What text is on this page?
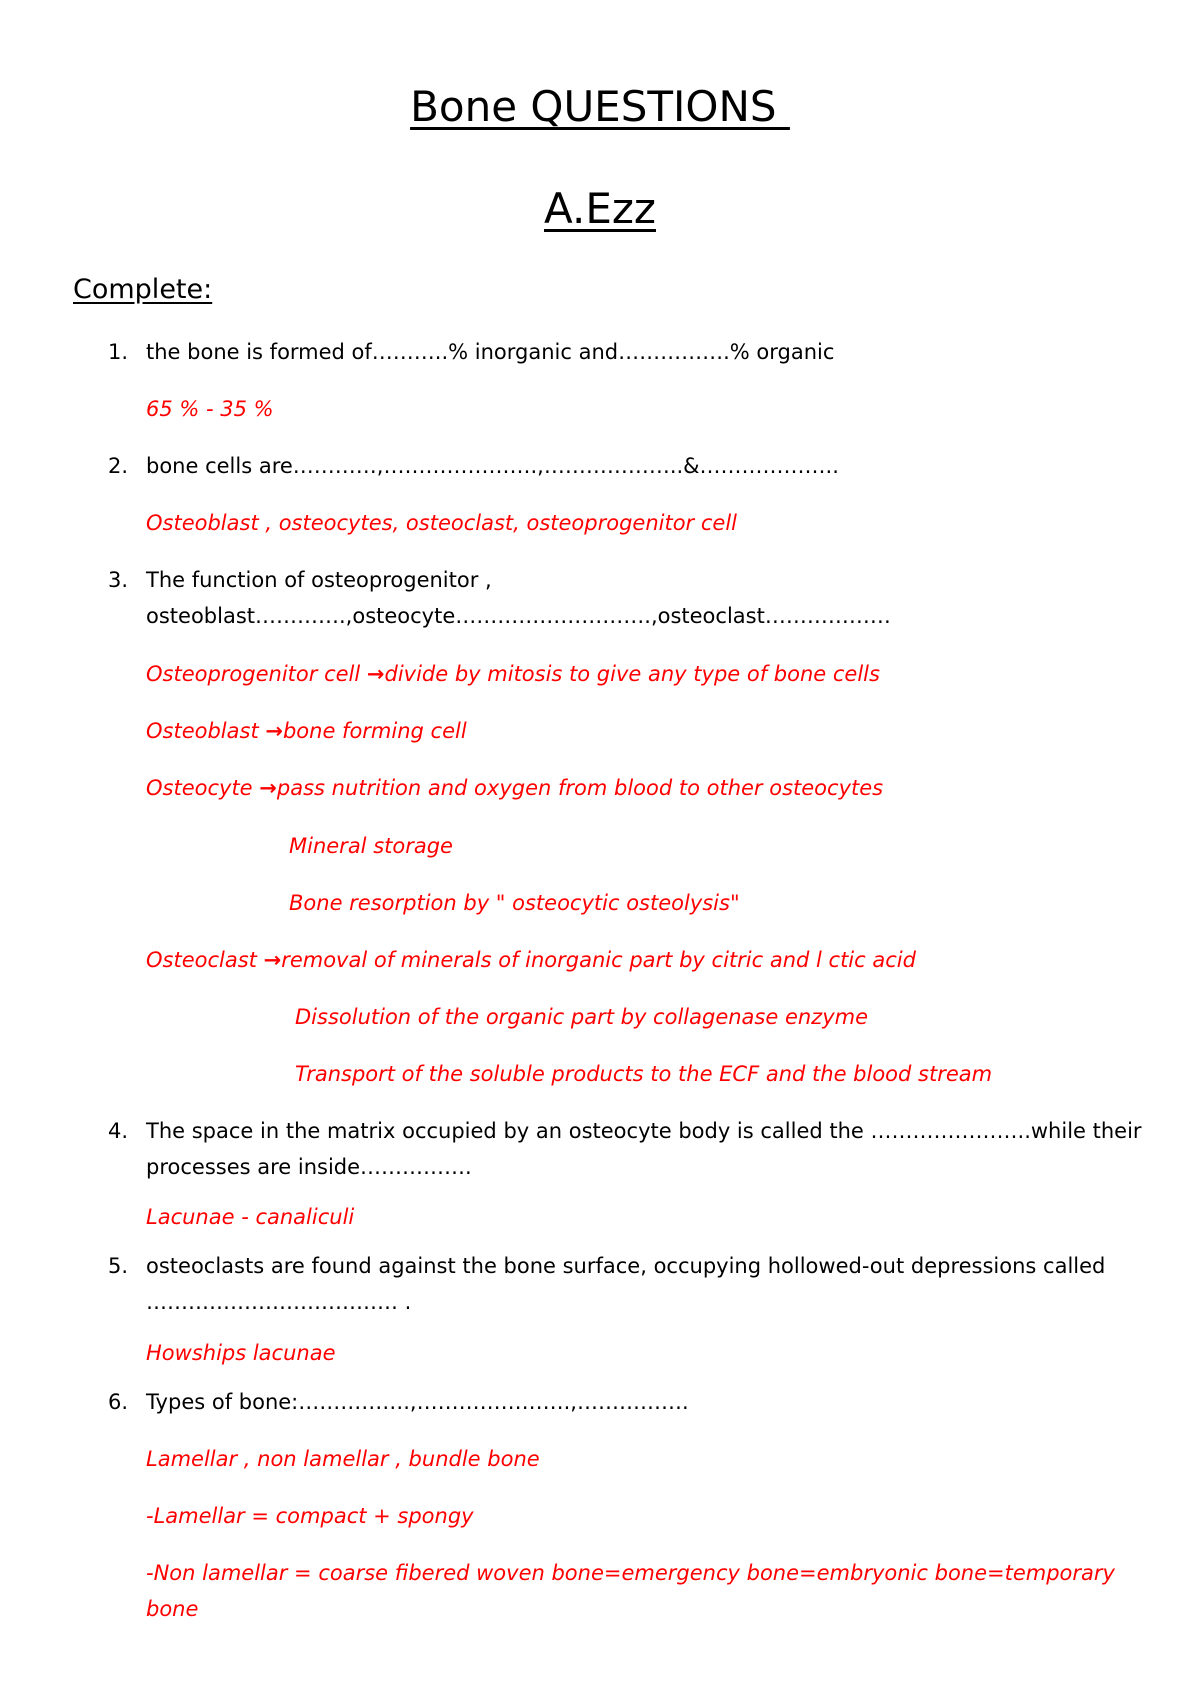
Bone QUESTIONS
A.Ezz
Complete:
1. the bone is formed of………..% inorganic and…………….% organic
65 % - 35 %
2. bone cells are…………,………………….,………………..&………………..
Osteoblast , osteocytes, osteoclast, osteoprogenitor cell
3. The function of osteoprogenitor , osteoblast………….,osteocyte……………………….,osteoclast………………
Osteoprogenitor cell →divide by mitosis to give any type of bone cells
Osteoblast →bone forming cell
Osteocyte →pass nutrition and oxygen from blood to other osteocytes
Mineral storage
Bone resorption by " osteocytic osteolysis"
Osteoclast →removal of minerals of inorganic part by citric and l ctic acid
Dissolution of the organic part by collagenase enzyme
Transport of the soluble products to the ECF and the blood stream
4. The space in the matrix occupied by an osteocyte body is called the …………………..while their processes are inside…………….
Lacunae - canaliculi
5. osteoclasts are found against the bone surface, occupying hollowed-out depressions called ……………………………… .
Howships lacunae
6. Types of bone:…………….,………………….,…………….
Lamellar , non lamellar , bundle bone
-Lamellar = compact + spongy
-Non lamellar = coarse fibered woven bone=emergency bone=embryonic bone=temporary bone
